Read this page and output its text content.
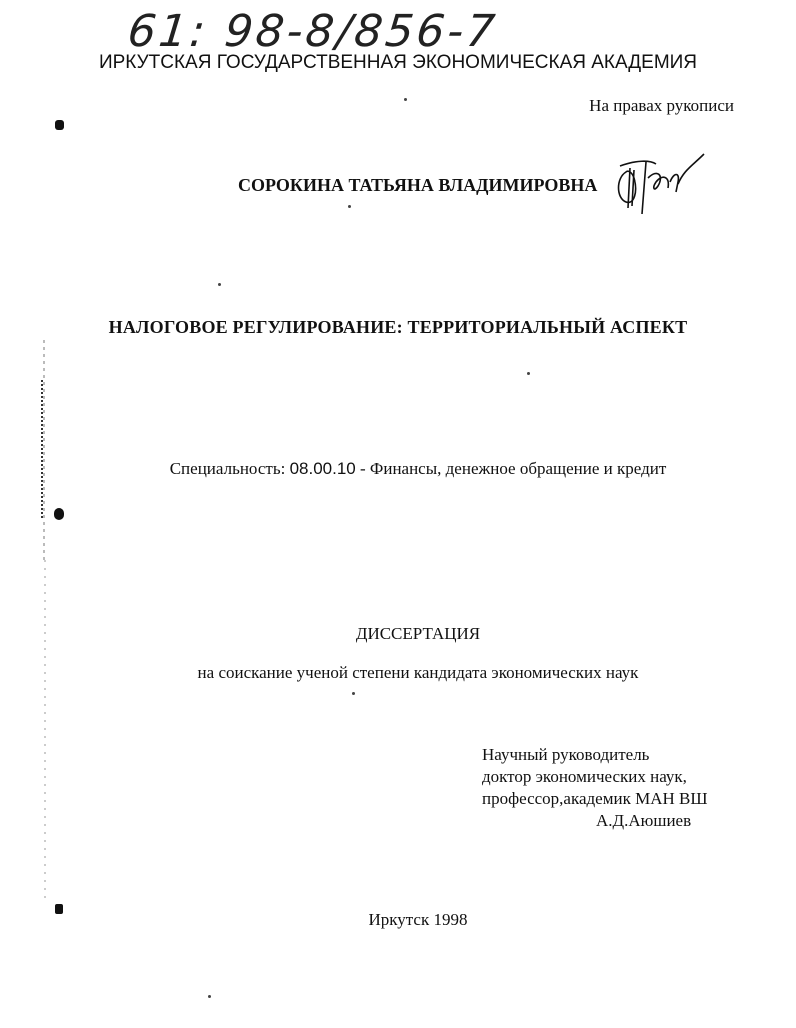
61: 98-8/856-7
ИРКУТСКАЯ ГОСУДАРСТВЕННАЯ ЭКОНОМИЧЕСКАЯ АКАДЕМИЯ
На правах рукописи
СОРОКИНА ТАТЬЯНА ВЛАДИМИРОВНА
НАЛОГОВОЕ РЕГУЛИРОВАНИЕ: ТЕРРИТОРИАЛЬНЫЙ АСПЕКТ
Специальность: 08.00.10 - Финансы, денежное обращение и кредит
ДИССЕРТАЦИЯ
на соискание ученой степени кандидата экономических наук
Научный руководитель
доктор экономических наук,
профессор,академик МАН ВШ
А.Д.Аюшиев
Иркутск 1998
